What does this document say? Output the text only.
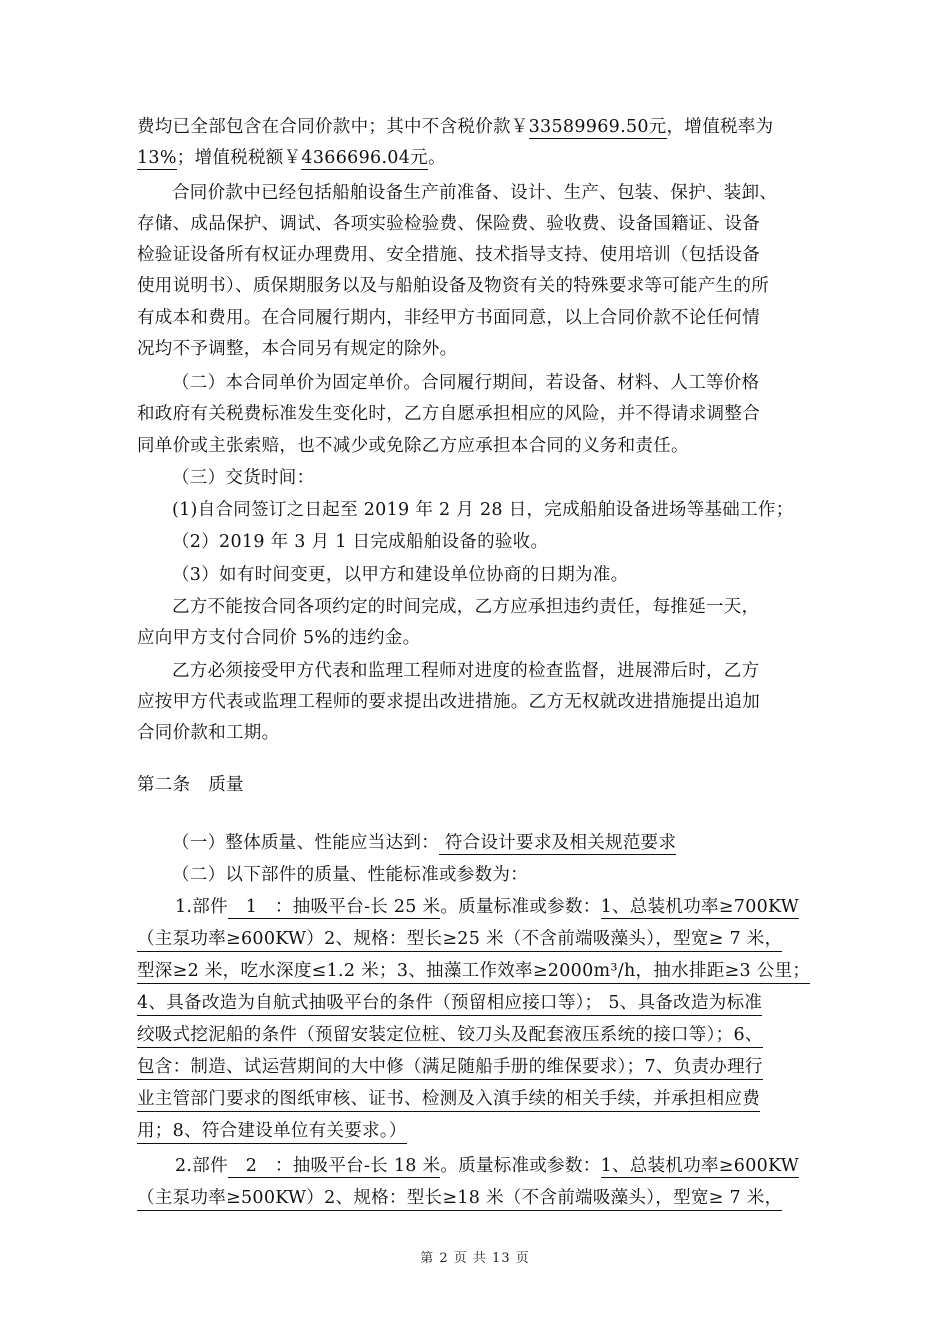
费均已全部包含在合同价款中；其中不含税价款￥33589969.50元，增值税率为
13%；增值税税额￥4366696.04元。
合同价款中已经包括船舶设备生产前准备、设计、生产、包装、保护、装卸、
存储、成品保护、调试、各项实验检验费、保险费、验收费、设备国籍证、设备
检验证设备所有权证办理费用、安全措施、技术指导支持、使用培训（包括设备
使用说明书）、质保期服务以及与船舶设备及物资有关的特殊要求等可能产生的所
有成本和费用。在合同履行期内，非经甲方书面同意，以上合同价款不论任何情
况均不予调整，本合同另有规定的除外。
（二）本合同单价为固定单价。合同履行期间，若设备、材料、人工等价格
和政府有关税费标准发生变化时，乙方自愿承担相应的风险，并不得请求调整合
同单价或主张索赔，也不减少或免除乙方应承担本合同的义务和责任。
（三）交货时间：
(1)自合同签订之日起至 2019 年 2 月 28 日，完成船舶设备进场等基础工作；
（2）2019 年 3 月 1 日完成船舶设备的验收。
（3）如有时间变更，以甲方和建设单位协商的日期为准。
乙方不能按合同各项约定的时间完成，乙方应承担违约责任，每推延一天，
应向甲方支付合同价 5%的违约金。
乙方必须接受甲方代表和监理工程师对进度的检查监督，进展滞后时，乙方
应按甲方代表或监理工程师的要求提出改进措施。乙方无权就改进措施提出追加
合同价款和工期。
第二条　质量
（一）整体质量、性能应当达到： 符合设计要求及相关规范要求
（二）以下部件的质量、性能标准或参数为：
1.部件　1　：抽吸平台-长 25 米。质量标准或参数：1、总装机功率≥700KW
（主泵功率≥600KW）2、规格：型长≥25 米（不含前端吸藻头），型宽≥ 7 米，
型深≥2 米，吃水深度≤1.2 米；3、抽藻工作效率≥2000m³/h，抽水排距≥3 公里；
4、具备改造为自航式抽吸平台的条件（预留相应接口等）； 5、具备改造为标准
绞吸式挖泥船的条件（预留安装定位桩、铰刀头及配套液压系统的接口等）；6、
包含：制造、试运营期间的大中修（满足随船手册的维保要求）；7、负责办理行
业主管部门要求的图纸审核、证书、检测及入滇手续的相关手续，并承担相应费
用；8、符合建设单位有关要求。）
2.部件　2　：抽吸平台-长 18 米。质量标准或参数：1、总装机功率≥600KW
（主泵功率≥500KW）2、规格：型长≥18 米（不含前端吸藻头），型宽≥ 7 米，
第 2 页 共 13 页
